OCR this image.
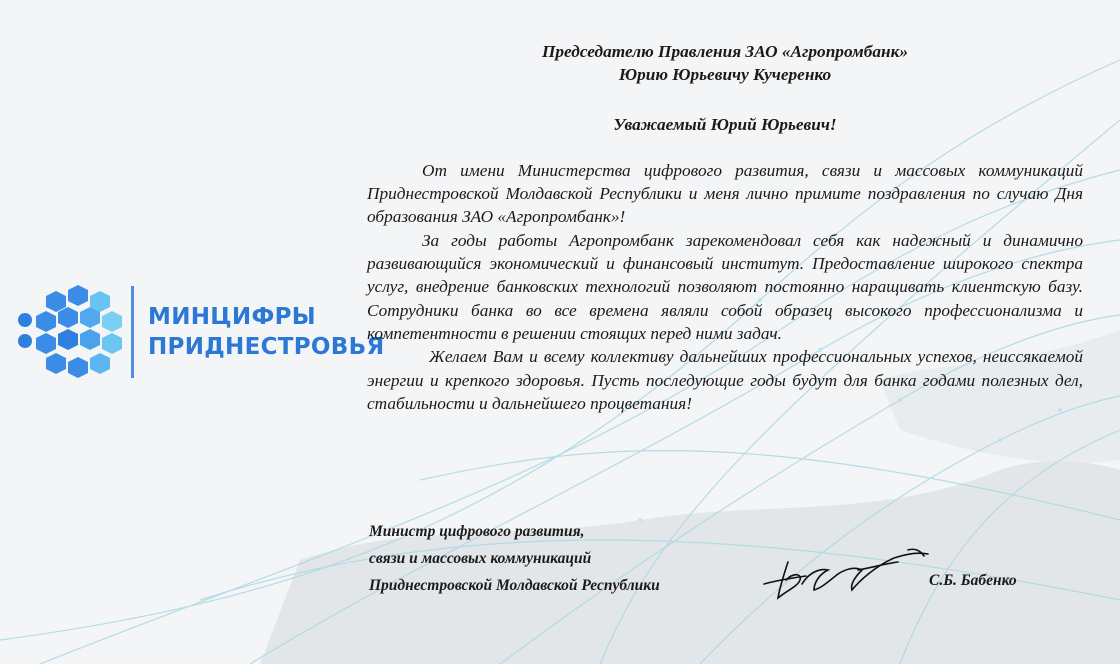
МИНЦИФРЫ
ПРИДНЕСТРОВЬЯ
Председателю Правления ЗАО «Агропромбанк»
Юрию Юрьевичу Кучеренко
Уважаемый Юрий Юрьевич!

От имени Министерства цифрового развития, связи и массовых коммуникаций Приднестровской Молдавской Республики и меня лично примите поздравления по случаю Дня образования ЗАО «Агропромбанк»!

За годы работы Агропромбанк зарекомендовал себя как надежный и динамично развивающийся экономический и финансовый институт. Предоставление широкого спектра услуг, внедрение банковских технологий позволяют постоянно наращивать клиентскую базу. Сотрудники банка во все времена являли собой образец высокого профессионализма и компетентности в решении стоящих перед ними задач.

Желаем Вам и всему коллективу дальнейших профессиональных успехов, неиссякаемой энергии и крепкого здоровья. Пусть последующие годы будут для банка годами полезных дел, стабильности и дальнейшего процветания!

Министр цифрового развития,
связи и массовых коммуникаций
Приднестровской Молдавской Республики	С.Б. Бабенко
